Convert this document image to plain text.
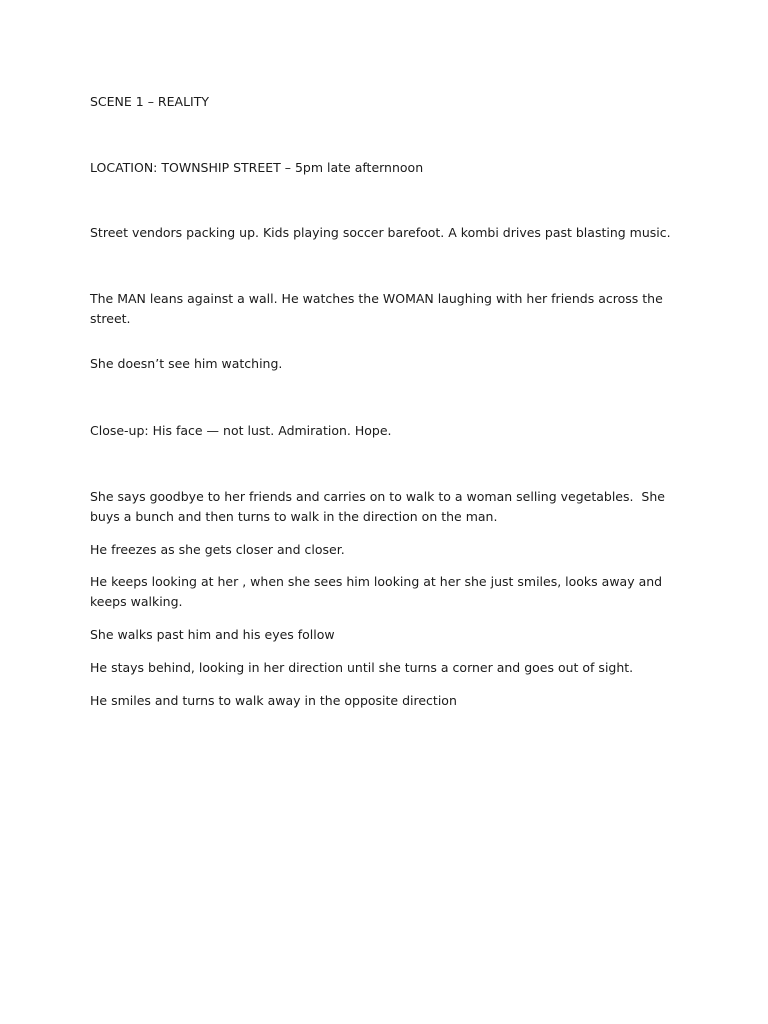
SCENE 1 – REALITY

LOCATION: TOWNSHIP STREET – 5pm late afternnoon

Street vendors packing up. Kids playing soccer barefoot. A kombi drives past blasting music.

The MAN leans against a wall. He watches the WOMAN laughing with her friends across the street.

She doesn’t see him watching.

Close-up: His face — not lust. Admiration. Hope.

She says goodbye to her friends and carries on to walk to a woman selling vegetables.  She buys a bunch and then turns to walk in the direction on the man.

He freezes as she gets closer and closer.

He keeps looking at her , when she sees him looking at her she just smiles, looks away and keeps walking.

She walks past him and his eyes follow

He stays behind, looking in her direction until she turns a corner and goes out of sight.

He smiles and turns to walk away in the opposite direction
